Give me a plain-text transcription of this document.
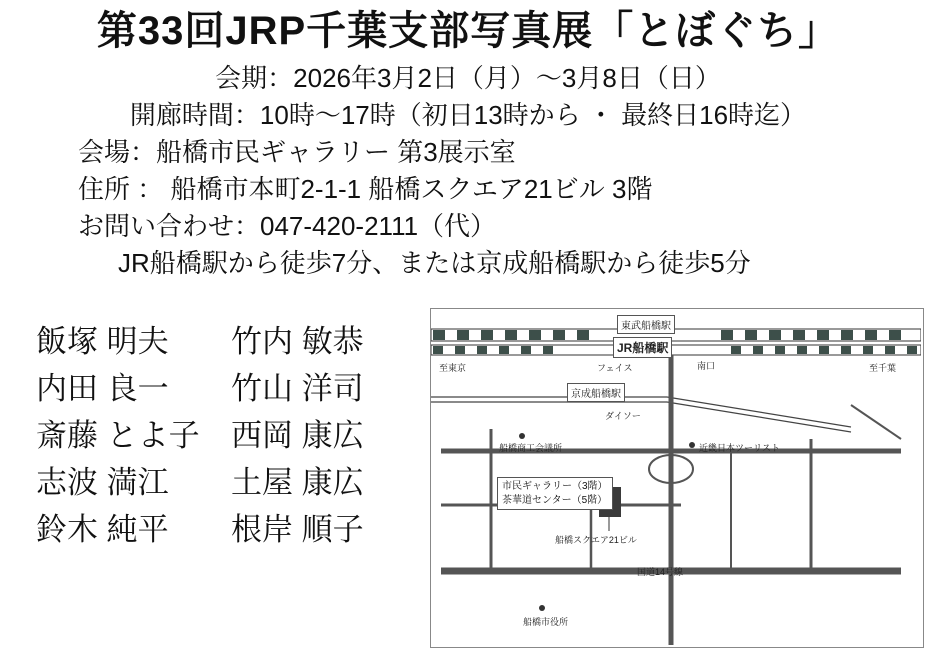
第33回JRP千葉支部写真展「とぼぐち」
会期：2026年3月2日（月）〜3月8日（日）
開廊時間：10時〜17時（初日13時から ・ 最終日16時迄）
会場：船橋市民ギャラリー 第3展示室
住所 ： 船橋市本町2-1-1 船橋スクエア21ビル 3階
お問い合わせ：047-420-2111（代）
JR船橋駅から徒歩7分、または京成船橋駅から徒歩5分
飯塚 明夫	竹内 敏恭
内田 良一	竹山 洋司
斎藤 とよ子	西岡 康広
志波 満江	土屋 康広
鈴木 純平	根岸 順子
東武船橋駅
JR船橋駅
至東京	至千葉
フェイス	南口
京成船橋駅
ダイソー
船橋商工会議所	近畿日本ツーリスト
市民ギャラリー（3階）
茶華道センター（5階）
船橋スクエア21ビル
国道14号線
船橋市役所
